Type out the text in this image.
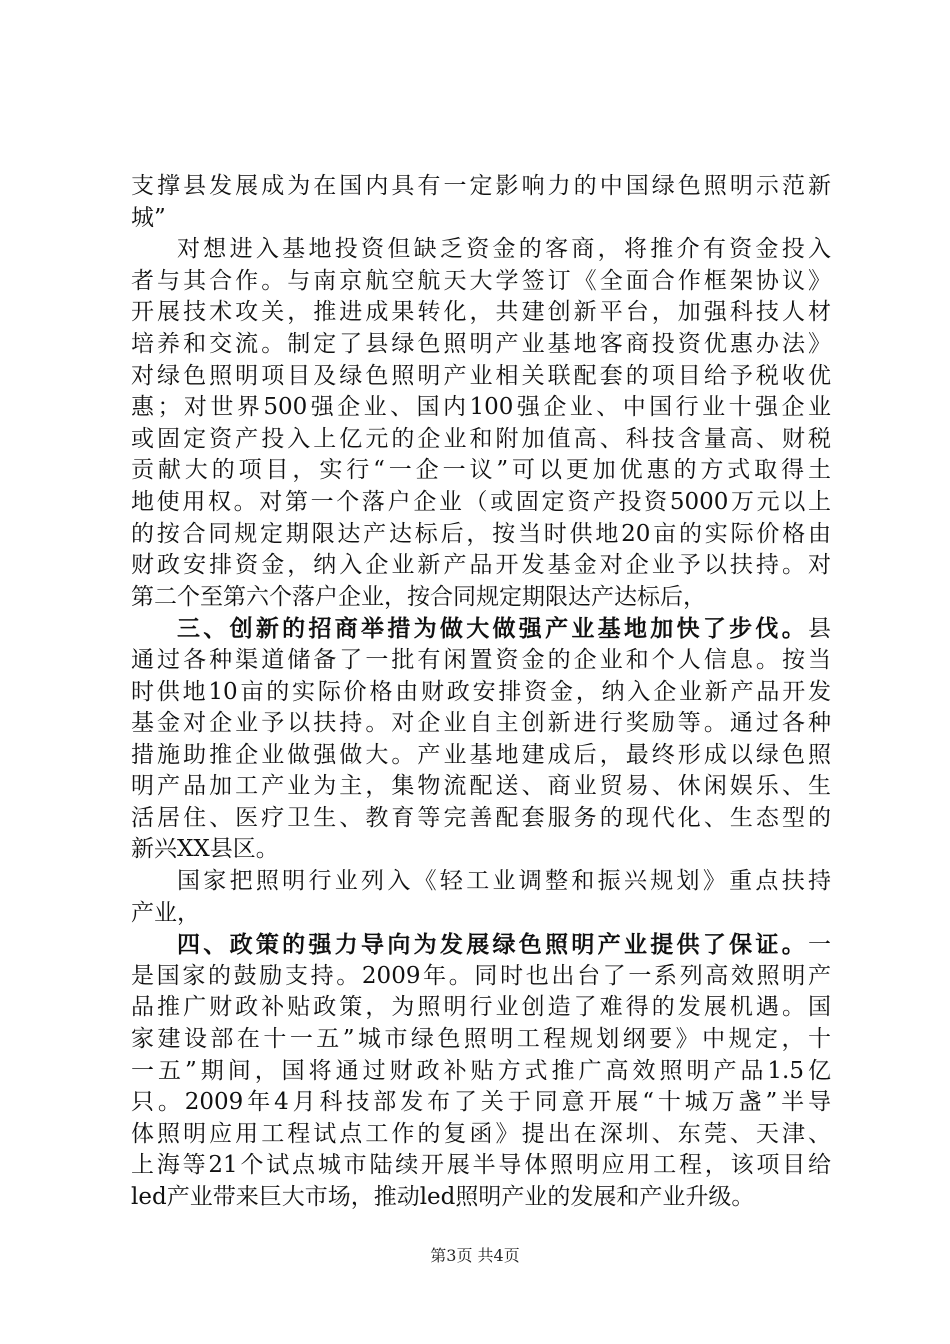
支撑县发展成为在国内具有一定影响力的中国绿色照明示范新
城”
对想进入基地投资但缺乏资金的客商，将推介有资金投入
者与其合作。与南京航空航天大学签订《全面合作框架协议》
开展技术攻关，推进成果转化，共建创新平台，加强科技人材
培养和交流。制定了县绿色照明产业基地客商投资优惠办法》
对绿色照明项目及绿色照明产业相关联配套的项目给予税收优
惠；对世界500强企业、国内100强企业、中国行业十强企业
或固定资产投入上亿元的企业和附加值高、科技含量高、财税
贡献大的项目，实行“一企一议”可以更加优惠的方式取得土
地使用权。对第一个落户企业（或固定资产投资5000万元以上
的按合同规定期限达产达标后，按当时供地20亩的实际价格由
财政安排资金，纳入企业新产品开发基金对企业予以扶持。对
第二个至第六个落户企业，按合同规定期限达产达标后，
三、创新的招商举措为做大做强产业基地加快了步伐。县
通过各种渠道储备了一批有闲置资金的企业和个人信息。按当
时供地10亩的实际价格由财政安排资金，纳入企业新产品开发
基金对企业予以扶持。对企业自主创新进行奖励等。通过各种
措施助推企业做强做大。产业基地建成后，最终形成以绿色照
明产品加工产业为主，集物流配送、商业贸易、休闲娱乐、生
活居住、医疗卫生、教育等完善配套服务的现代化、生态型的
新兴XX县区。
国家把照明行业列入《轻工业调整和振兴规划》重点扶持
产业，
四、政策的强力导向为发展绿色照明产业提供了保证。一
是国家的鼓励支持。2009年。同时也出台了一系列高效照明产
品推广财政补贴政策，为照明行业创造了难得的发展机遇。国
家建设部在十一五”城市绿色照明工程规划纲要》中规定，十
一五”期间，国将通过财政补贴方式推广高效照明产品1.5亿
只。2009年4月科技部发布了关于同意开展“十城万盏”半导
体照明应用工程试点工作的复函》提出在深圳、东莞、天津、
上海等21个试点城市陆续开展半导体照明应用工程，该项目给
led产业带来巨大市场，推动led照明产业的发展和产业升级。
第3页 共4页
